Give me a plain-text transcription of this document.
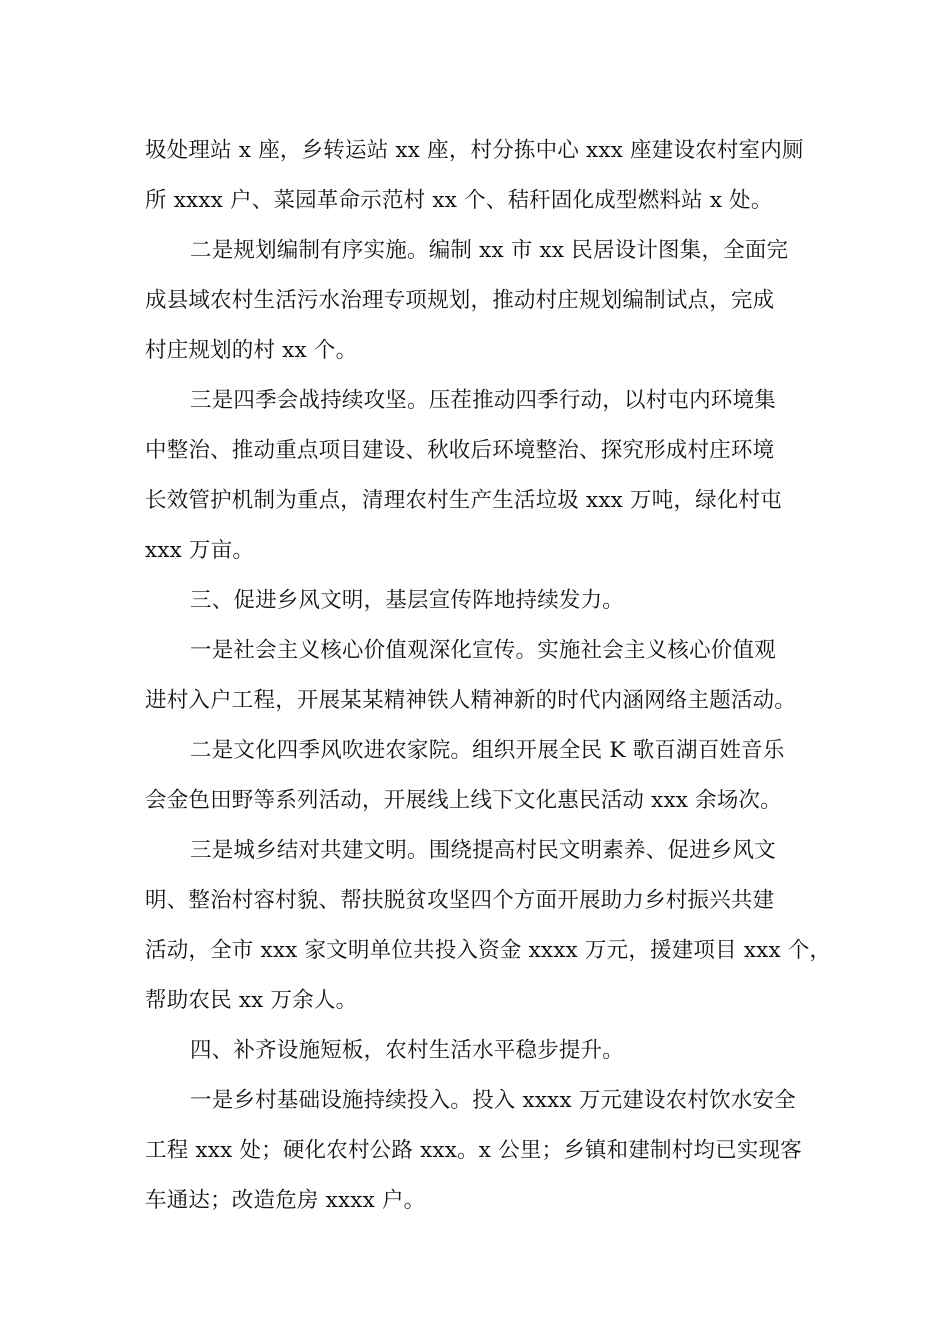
圾处理站 x 座，乡转运站 xx 座，村分拣中心 xxx 座建设农村室内厕
所 xxxx 户、菜园革命示范村 xx 个、秸秆固化成型燃料站 x 处。
二是规划编制有序实施。编制 xx 市 xx 民居设计图集，全面完
成县域农村生活污水治理专项规划，推动村庄规划编制试点，完成
村庄规划的村 xx 个。
三是四季会战持续攻坚。压茬推动四季行动，以村屯内环境集
中整治、推动重点项目建设、秋收后环境整治、探究形成村庄环境
长效管护机制为重点，清理农村生产生活垃圾 xxx 万吨，绿化村屯
xxx 万亩。
三、促进乡风文明，基层宣传阵地持续发力。
一是社会主义核心价值观深化宣传。实施社会主义核心价值观
进村入户工程，开展某某精神铁人精神新的时代内涵网络主题活动。
二是文化四季风吹进农家院。组织开展全民 K 歌百湖百姓音乐
会金色田野等系列活动，开展线上线下文化惠民活动 xxx 余场次。
三是城乡结对共建文明。围绕提高村民文明素养、促进乡风文
明、整治村容村貌、帮扶脱贫攻坚四个方面开展助力乡村振兴共建
活动，全市 xxx 家文明单位共投入资金 xxxx 万元，援建项目 xxx 个，
帮助农民 xx 万余人。
四、补齐设施短板，农村生活水平稳步提升。
一是乡村基础设施持续投入。投入 xxxx 万元建设农村饮水安全
工程 xxx 处；硬化农村公路 xxx。x 公里；乡镇和建制村均已实现客
车通达；改造危房 xxxx 户。
